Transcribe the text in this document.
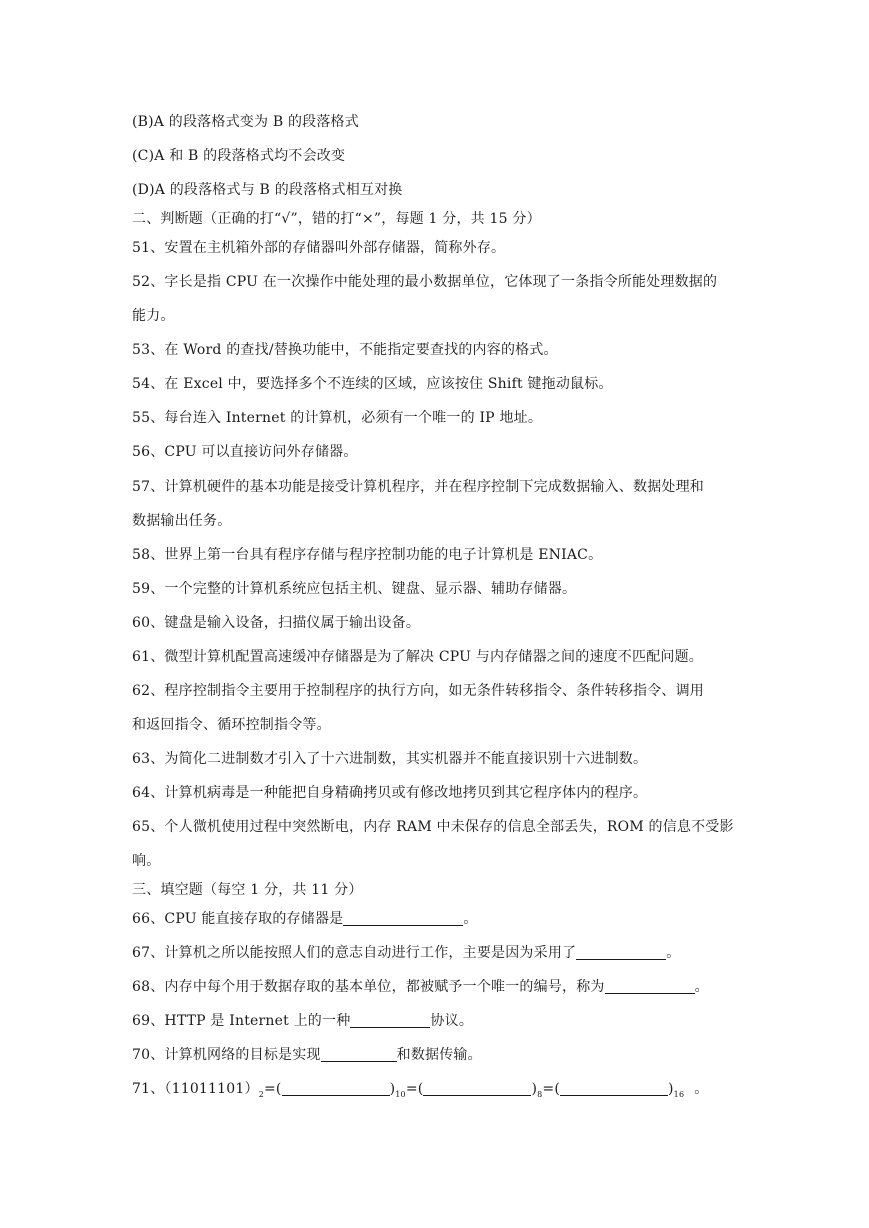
(B)A 的段落格式变为 B 的段落格式
(C)A 和 B 的段落格式均不会改变
(D)A 的段落格式与 B 的段落格式相互对换
二、判断题（正确的打“√”，错的打“×”，每题 1 分，共 15 分）
51、安置在主机箱外部的存储器叫外部存储器，简称外存。
52、字长是指 CPU 在一次操作中能处理的最小数据单位，它体现了一条指令所能处理数据的
能力。
53、在 Word 的查找/替换功能中，不能指定要查找的内容的格式。
54、在 Excel 中，要选择多个不连续的区域，应该按住 Shift 键拖动鼠标。
55、每台连入 Internet 的计算机，必须有一个唯一的 IP 地址。
56、CPU 可以直接访问外存储器。
57、计算机硬件的基本功能是接受计算机程序，并在程序控制下完成数据输入、数据处理和
数据输出任务。
58、世界上第一台具有程序存储与程序控制功能的电子计算机是 ENIAC。
59、一个完整的计算机系统应包括主机、键盘、显示器、辅助存储器。
60、键盘是输入设备，扫描仪属于输出设备。
61、微型计算机配置高速缓冲存储器是为了解决 CPU 与内存储器之间的速度不匹配问题。
62、程序控制指令主要用于控制程序的执行方向，如无条件转移指令、条件转移指令、调用
和返回指令、循环控制指令等。
63、为简化二进制数才引入了十六进制数，其实机器并不能直接识别十六进制数。
64、计算机病毒是一种能把自身精确拷贝或有修改地拷贝到其它程序体内的程序。
65、个人微机使用过程中突然断电，内存 RAM 中未保存的信息全部丢失，ROM 的信息不受影
响。
三、填空题（每空 1 分，共 11 分）
66、CPU 能直接存取的存储器是	。
67、计算机之所以能按照人们的意志自动进行工作，主要是因为采用了	。
68、内存中每个用于数据存取的基本单位，都被赋予一个唯一的编号，称为	。
69、HTTP 是 Internet 上的一种	协议。
70、计算机网络的目标是实现	和数据传输。
71、$(11011101)_2=$(	)$_{10}=$(	)$_8=$(	)$_{16}$ 。
